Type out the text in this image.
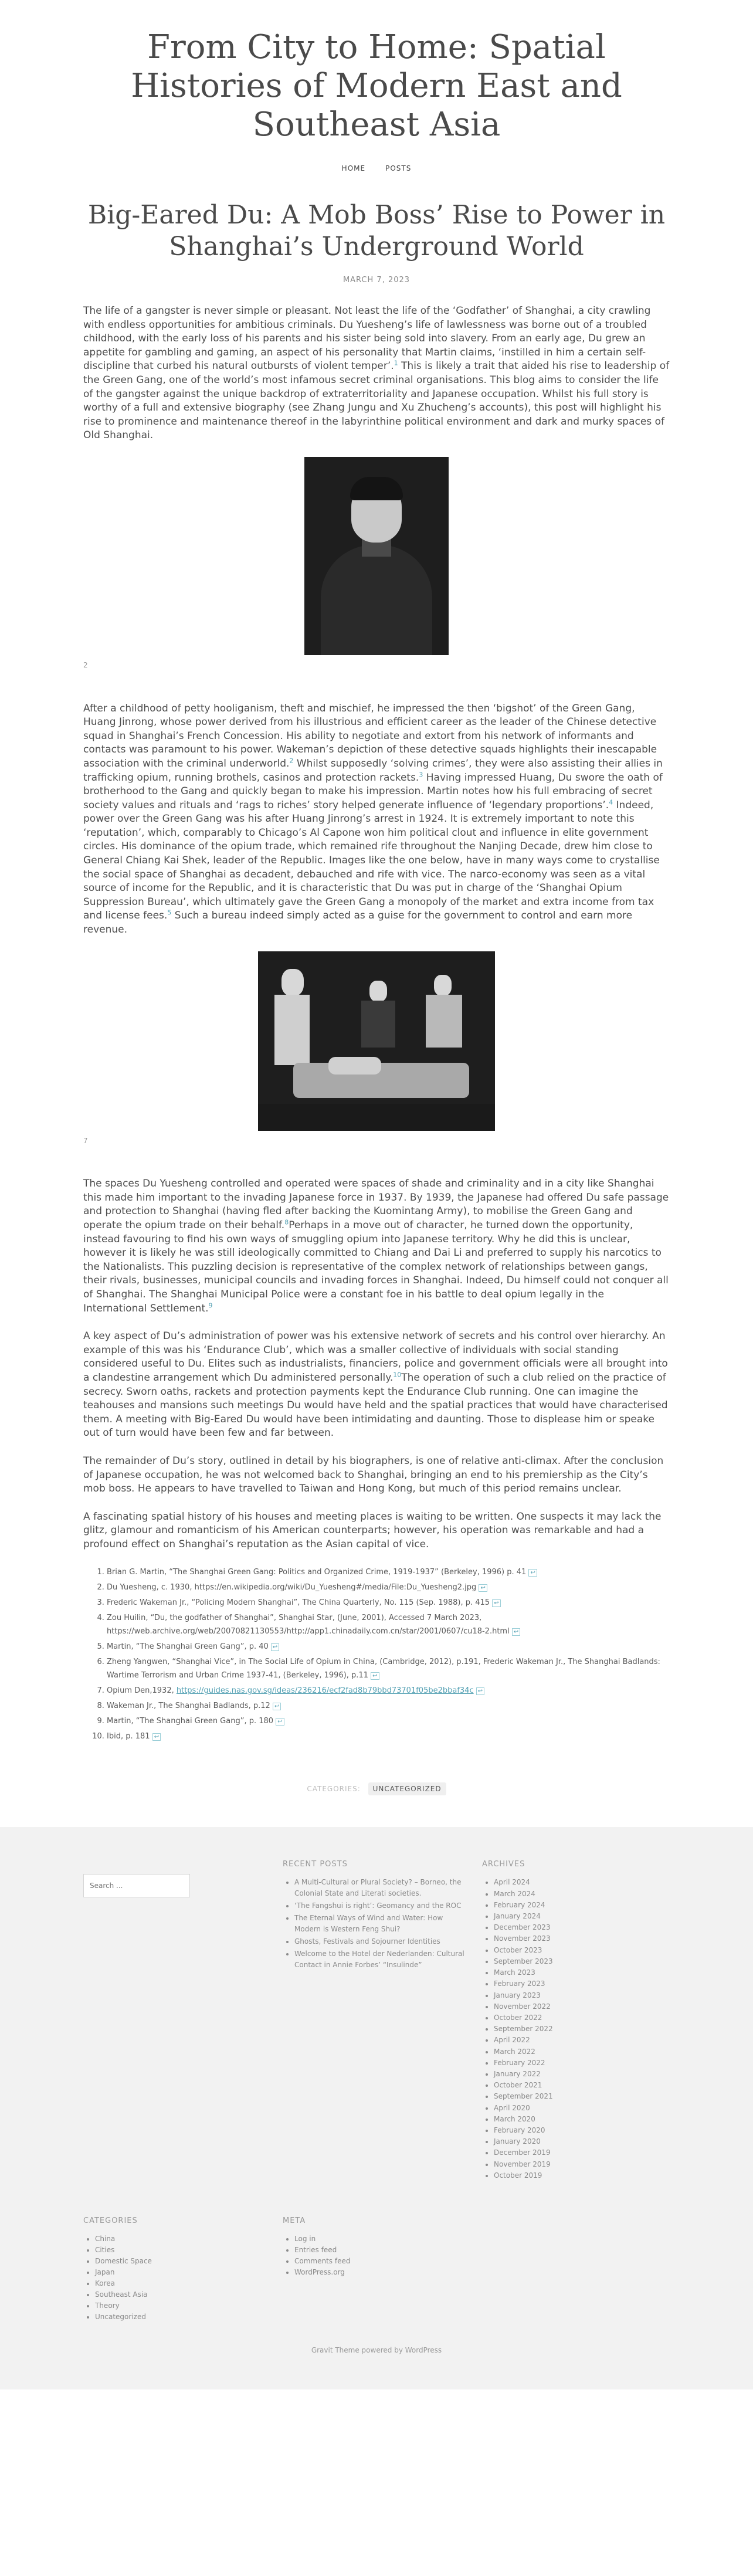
From City to Home: Spatial Histories of Modern East and Southeast Asia
HOME	POSTS
Big-Eared Du: A Mob Boss’ Rise to Power in Shanghai’s Underground World
MARCH 7, 2023

The life of a gangster is never simple or pleasant. Not least the life of the ‘Godfather’ of Shanghai, a city crawling with endless opportunities for ambitious criminals. Du Yuesheng’s life of lawlessness was borne out of a troubled childhood, with the early loss of his parents and his sister being sold into slavery. From an early age, Du grew an appetite for gambling and gaming, an aspect of his personality that Martin claims, ‘instilled in him a certain self-discipline that curbed his natural outbursts of violent temper’.$^1$ This is likely a trait that aided his rise to leadership of the Green Gang, one of the world’s most infamous secret criminal organisations. This blog aims to consider the life of the gangster against the unique backdrop of extraterritoriality and Japanese occupation. Whilst his full story is worthy of a full and extensive biography (see Zhang Jungu and Xu Zhucheng’s accounts), this post will highlight his rise to prominence and maintenance thereof in the labyrinthine political environment and dark and murky spaces of Old Shanghai.

2

After a childhood of petty hooliganism, theft and mischief, he impressed the then ‘bigshot’ of the Green Gang, Huang Jinrong, whose power derived from his illustrious and efficient career as the leader of the Chinese detective squad in Shanghai’s French Concession. His ability to negotiate and extort from his network of informants and contacts was paramount to his power. Wakeman’s depiction of these detective squads highlights their inescapable association with the criminal underworld.$^2$ Whilst supposedly ‘solving crimes’, they were also assisting their allies in trafficking opium, running brothels, casinos and protection rackets.$^3$ Having impressed Huang, Du swore the oath of brotherhood to the Gang and quickly began to make his impression. Martin notes how his full embracing of secret society values and rituals and ‘rags to riches’ story helped generate influence of ‘legendary proportions’.$^4$ Indeed, power over the Green Gang was his after Huang Jinrong’s arrest in 1924. It is extremely important to note this ‘reputation’, which, comparably to Chicago’s Al Capone won him political clout and influence in elite government circles. His dominance of the opium trade, which remained rife throughout the Nanjing Decade, drew him close to General Chiang Kai Shek, leader of the Republic. Images like the one below, have in many ways come to crystallise the social space of Shanghai as decadent, debauched and rife with vice. The narco-economy was seen as a vital source of income for the Republic, and it is characteristic that Du was put in charge of the ‘Shanghai Opium Suppression Bureau’, which ultimately gave the Green Gang a monopoly of the market and extra income from tax and license fees.$^5$ Such a bureau indeed simply acted as a guise for the government to control and earn more revenue.

7

The spaces Du Yuesheng controlled and operated were spaces of shade and criminality and in a city like Shanghai this made him important to the invading Japanese force in 1937. By 1939, the Japanese had offered Du safe passage and protection to Shanghai (having fled after backing the Kuomintang Army), to mobilise the Green Gang and operate the opium trade on their behalf.$^8$Perhaps in a move out of character, he turned down the opportunity, instead favouring to find his own ways of smuggling opium into Japanese territory. Why he did this is unclear, however it is likely he was still ideologically committed to Chiang and Dai Li and preferred to supply his narcotics to the Nationalists. This puzzling decision is representative of the complex network of relationships between gangs, their rivals, businesses, municipal councils and invading forces in Shanghai. Indeed, Du himself could not conquer all of Shanghai. The Shanghai Municipal Police were a constant foe in his battle to deal opium legally in the International Settlement.$^9$

A key aspect of Du’s administration of power was his extensive network of secrets and his control over hierarchy. An example of this was his ‘Endurance Club’, which was a smaller collective of individuals with social standing considered useful to Du. Elites such as industrialists, financiers, police and government officials were all brought into a clandestine arrangement which Du administered personally.$^{10}$The operation of such a club relied on the practice of secrecy. Sworn oaths, rackets and protection payments kept the Endurance Club running. One can imagine the teahouses and mansions such meetings Du would have held and the spatial practices that would have characterised them. A meeting with Big-Eared Du would have been intimidating and daunting. Those to displease him or speake out of turn would have been few and far between.

The remainder of Du’s story, outlined in detail by his biographers, is one of relative anti-climax. After the conclusion of Japanese occupation, he was not welcomed back to Shanghai, bringing an end to his premiership as the City’s mob boss. He appears to have travelled to Taiwan and Hong Kong, but much of this period remains unclear.

A fascinating spatial history of his houses and meeting places is waiting to be written. One suspects it may lack the glitz, glamour and romanticism of his American counterparts; however, his operation was remarkable and had a profound effect on Shanghai’s reputation as the Asian capital of vice.

1. Brian G. Martin, “The Shanghai Green Gang: Politics and Organized Crime, 1919-1937” (Berkeley, 1996) p. 41 ↩
2. Du Yuesheng, c. 1930, https://en.wikipedia.org/wiki/Du_Yuesheng#/media/File:Du_Yuesheng2.jpg ↩
3. Frederic Wakeman Jr., “Policing Modern Shanghai”, The China Quarterly, No. 115 (Sep. 1988), p. 415 ↩
4. Zou Huilin, “Du, the godfather of Shanghai”, Shanghai Star, (June, 2001), Accessed 7 March 2023, https://web.archive.org/web/20070821130553/http://app1.chinadaily.com.cn/star/2001/0607/cu18-2.html ↩
5. Martin, “The Shanghai Green Gang”, p. 40 ↩
6. Zheng Yangwen, “Shanghai Vice”, in The Social Life of Opium in China, (Cambridge, 2012), p.191, Frederic Wakeman Jr., The Shanghai Badlands: Wartime Terrorism and Urban Crime 1937-41, (Berkeley, 1996), p.11 ↩
7. Opium Den,1932, https://guides.nas.gov.sg/ideas/236216/ecf2fad8b79bbd73701f05be2bbaf34c ↩
8. Wakeman Jr., The Shanghai Badlands, p.12 ↩
9. Martin, “The Shanghai Green Gang”, p. 180 ↩
10. Ibid, p. 181 ↩
CATEGORIES: UNCATEGORIZED
Search ...
RECENT POSTS
• A Multi-Cultural or Plural Society? – Borneo, the Colonial State and Literati societies.
• ‘The Fangshui is right’: Geomancy and the ROC
• The Eternal Ways of Wind and Water: How Modern is Western Feng Shui?
• Ghosts, Festivals and Sojourner Identities
• Welcome to the Hotel der Nederlanden: Cultural Contact in Annie Forbes’ “Insulinde”
ARCHIVES
• April 2024
• March 2024
• February 2024
• January 2024
• December 2023
• November 2023
• October 2023
• September 2023
• March 2023
• February 2023
• January 2023
• November 2022
• October 2022
• September 2022
• April 2022
• March 2022
• February 2022
• January 2022
• October 2021
• September 2021
• April 2020
• March 2020
• February 2020
• January 2020
• December 2019
• November 2019
• October 2019
CATEGORIES
• China
• Cities
• Domestic Space
• Japan
• Korea
• Southeast Asia
• Theory
• Uncategorized
META
• Log in
• Entries feed
• Comments feed
• WordPress.org
Gravit Theme powered by WordPress
